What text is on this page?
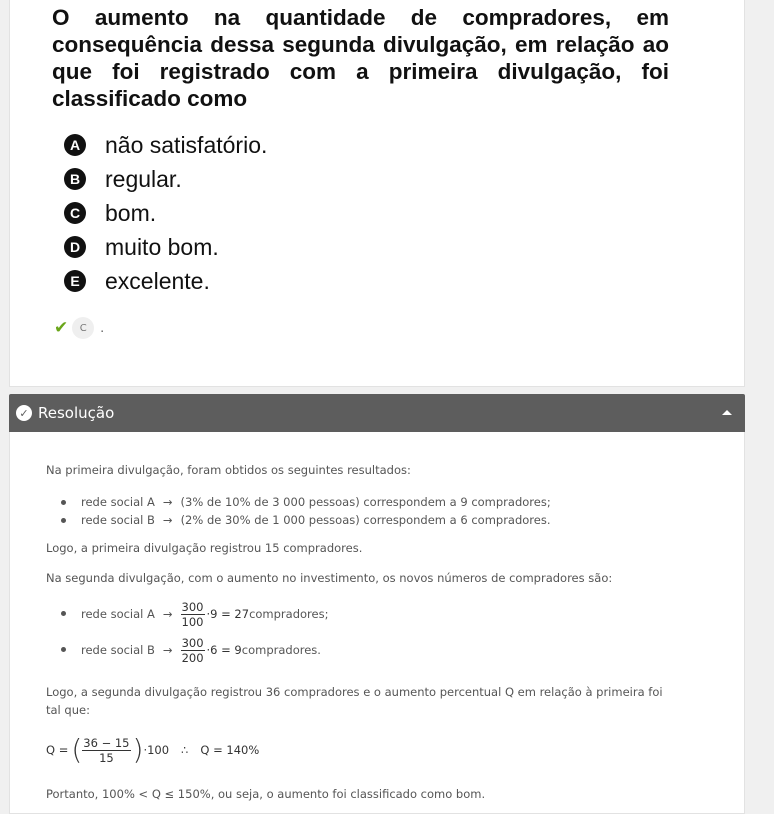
O aumento na quantidade de compradores, em consequência dessa segunda divulgação, em relação ao que foi registrado com a primeira divulgação, foi classificado como

A não satisfatório.
B regular.
C bom.
D muito bom.
E excelente.
✔	C	.
✓ Resolução

Na primeira divulgação, foram obtidos os seguintes resultados:

rede social A → (3% de 10% de 3 000 pessoas) correspondem a 9 compradores;
rede social B → (2% de 30% de 1 000 pessoas) correspondem a 6 compradores.

Logo, a primeira divulgação registrou 15 compradores.

Na segunda divulgação, com o aumento no investimento, os novos números de compradores são:

rede social $A \to \frac{300}{100} \cdot 9 = 27$ compradores;
rede social $B \to \frac{300}{200} \cdot 6 = 9$ compradores.

Logo, a segunda divulgação registrou 36 compradores e o aumento percentual Q em relação à primeira foi

tal que:

Q = ( $\frac{36 - 15}{15}$ ) ·100 ∴ Q = 140%

Portanto, 100% < Q ≤ 150%, ou seja, o aumento foi classificado como bom.
